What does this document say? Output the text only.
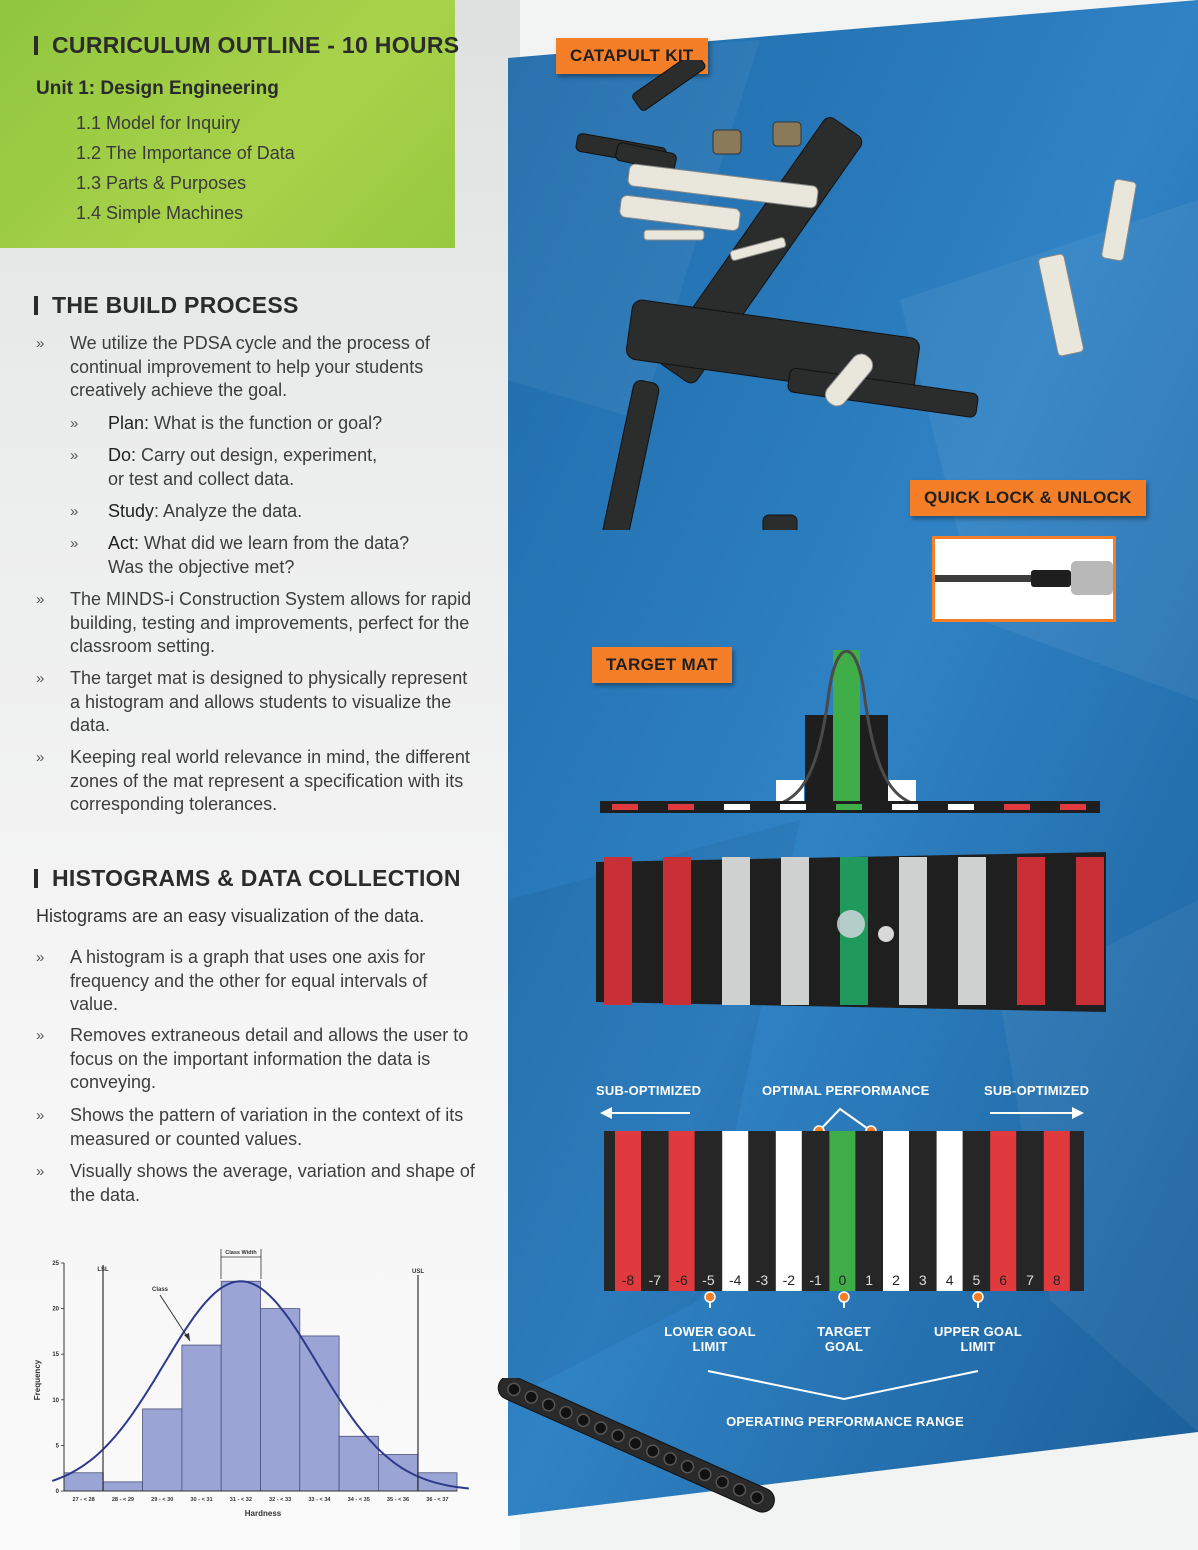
CURRICULUM OUTLINE - 10 HOURS
Unit 1: Design Engineering
1.1 Model for Inquiry
1.2 The Importance of Data
1.3 Parts & Purposes
1.4 Simple Machines
THE BUILD PROCESS
» We utilize the PDSA cycle and the process of continual improvement to help your students creatively achieve the goal.
» Plan: What is the function or goal?
» Do: Carry out design, experiment,
or test and collect data.
» Study: Analyze the data.
» Act: What did we learn from the data?
Was the objective met?
» The MINDS-i Construction System allows for rapid building, testing and improvements, perfect for the classroom setting.
» The target mat is designed to physically represent a histogram and allows students to visualize the data.
» Keeping real world relevance in mind, the different zones of the mat represent a specification with its corresponding tolerances.
HISTOGRAMS & DATA COLLECTION
Histograms are an easy visualization of the data.
» A histogram is a graph that uses one axis for frequency and the other for equal intervals of value.
» Removes extraneous detail and allows the user to focus on the important information the data is conveying.
» Shows the pattern of variation in the context of its measured or counted values.
» Visually shows the average, variation and shape of the data.
27 - < 28	28 - < 29	29 - < 30	30 - < 31	31 - < 32	32 - < 33	33 - < 34	34 - < 35	35 - < 36	36 - < 37
0
5
10
15
20
25
Hardness
Frequency
LSL	USL
Class
Class Width
CATAPULT KIT
QUICK LOCK & UNLOCK
TARGET MAT
SUB-OPTIMIZED	OPTIMAL PERFORMANCE	SUB-OPTIMIZED
-8 -7 -6 -5 -4 -3 -2 -1 0 1 2 3 4 5 6 7 8
LOWER GOAL LIMIT
TARGET GOAL
UPPER GOAL LIMIT
OPERATING PERFORMANCE RANGE
